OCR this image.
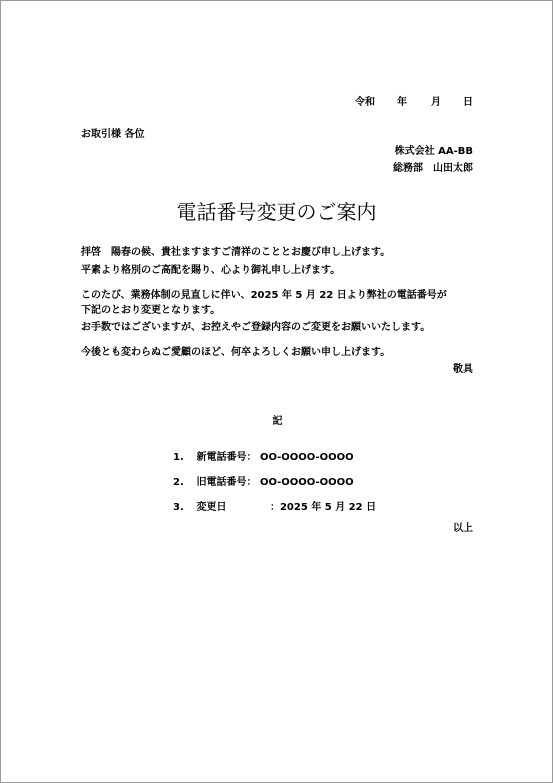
令和 年 月 日
お取引様 各位
株式会社 AA-BB
総務部　山田太郎
電話番号変更のご案内
拝啓　陽春の候、貴社ますますご清祥のこととお慶び申し上げます。
平素より格別のご高配を賜り、心より御礼申し上げます。
このたび、業務体制の見直しに伴い、2025 年 5 月 22 日より弊社の電話番号が
下記のとおり変更となります。
お手数ではございますが、お控えやご登録内容のご変更をお願いいたします。
今後とも変わらぬご愛顧のほど、何卒よろしくお願い申し上げます。
敬具
記
1. 新電話番号： OO-OOOO-OOOO
2. 旧電話番号： OO-OOOO-OOOO
3. 変更日	：2025 年 5 月 22 日
以上
